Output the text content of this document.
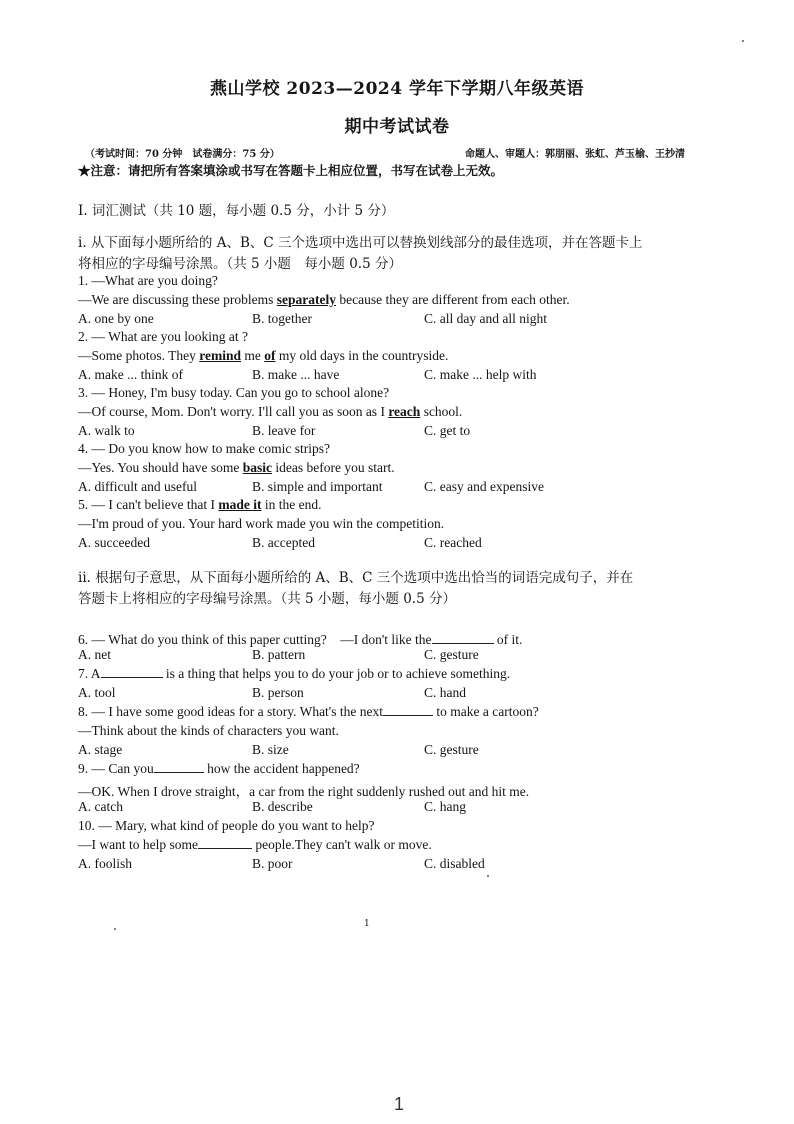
燕山学校 2023—2024 学年下学期八年级英语
期中考试试卷
（考试时间：70 分钟　试卷满分：75 分）	命题人、审题人：郭朋丽、张虹、芦玉榆、王抄清
★注意：请把所有答案填涂或书写在答题卡上相应位置，书写在试卷上无效。
I. 词汇测试（共 10 题，每小题 0.5 分，小计 5 分）
i. 从下面每小题所给的 A、B、C 三个选项中选出可以替换划线部分的最佳选项，并在答题卡上
将相应的字母编号涂黑。（共 5 小题　每小题 0.5 分）
1. —What are you doing?
—We are discussing these problems separately because they are different from each other.
A. one by one	B. together	C. all day and all night
2. — What are you looking at ?
—Some photos. They remind me of my old days in the countryside.
A. make ... think of	B. make ... have	C. make ... help with
3. — Honey, I'm busy today. Can you go to school alone?
—Of course, Mom. Don't worry. I'll call you as soon as I reach school.
A. walk to	B. leave for	C. get to
4. — Do you know how to make comic strips?
—Yes. You should have some basic ideas before you start.
A. difficult and useful	B. simple and important	C. easy and expensive
5. — I can't believe that I made it in the end.
—I'm proud of you. Your hard work made you win the competition.
A. succeeded	B. accepted	C. reached
ii. 根据句子意思，从下面每小题所给的 A、B、C 三个选项中选出恰当的词语完成句子，并在
答题卡上将相应的字母编号涂黑。（共 5 小题，每小题 0.5 分）
6. — What do you think of this paper cutting?　—I don't like the	of it.
A. net	B. pattern	C. gesture
7. A	is a thing that helps you to do your job or to achieve something.
A. tool	B. person	C. hand
8. — I have some good ideas for a story. What's the next	to make a cartoon?
—Think about the kinds of characters you want.
A. stage	B. size	C. gesture
9. — Can you	how the accident happened?
—OK. When I drove straight，a car from the right suddenly rushed out and hit me.
A. catch	B. describe	C. hang
10. — Mary, what kind of people do you want to help?
—I want to help some	people.They can't walk or move.
A. foolish	B. poor	C. disabled
1
1
